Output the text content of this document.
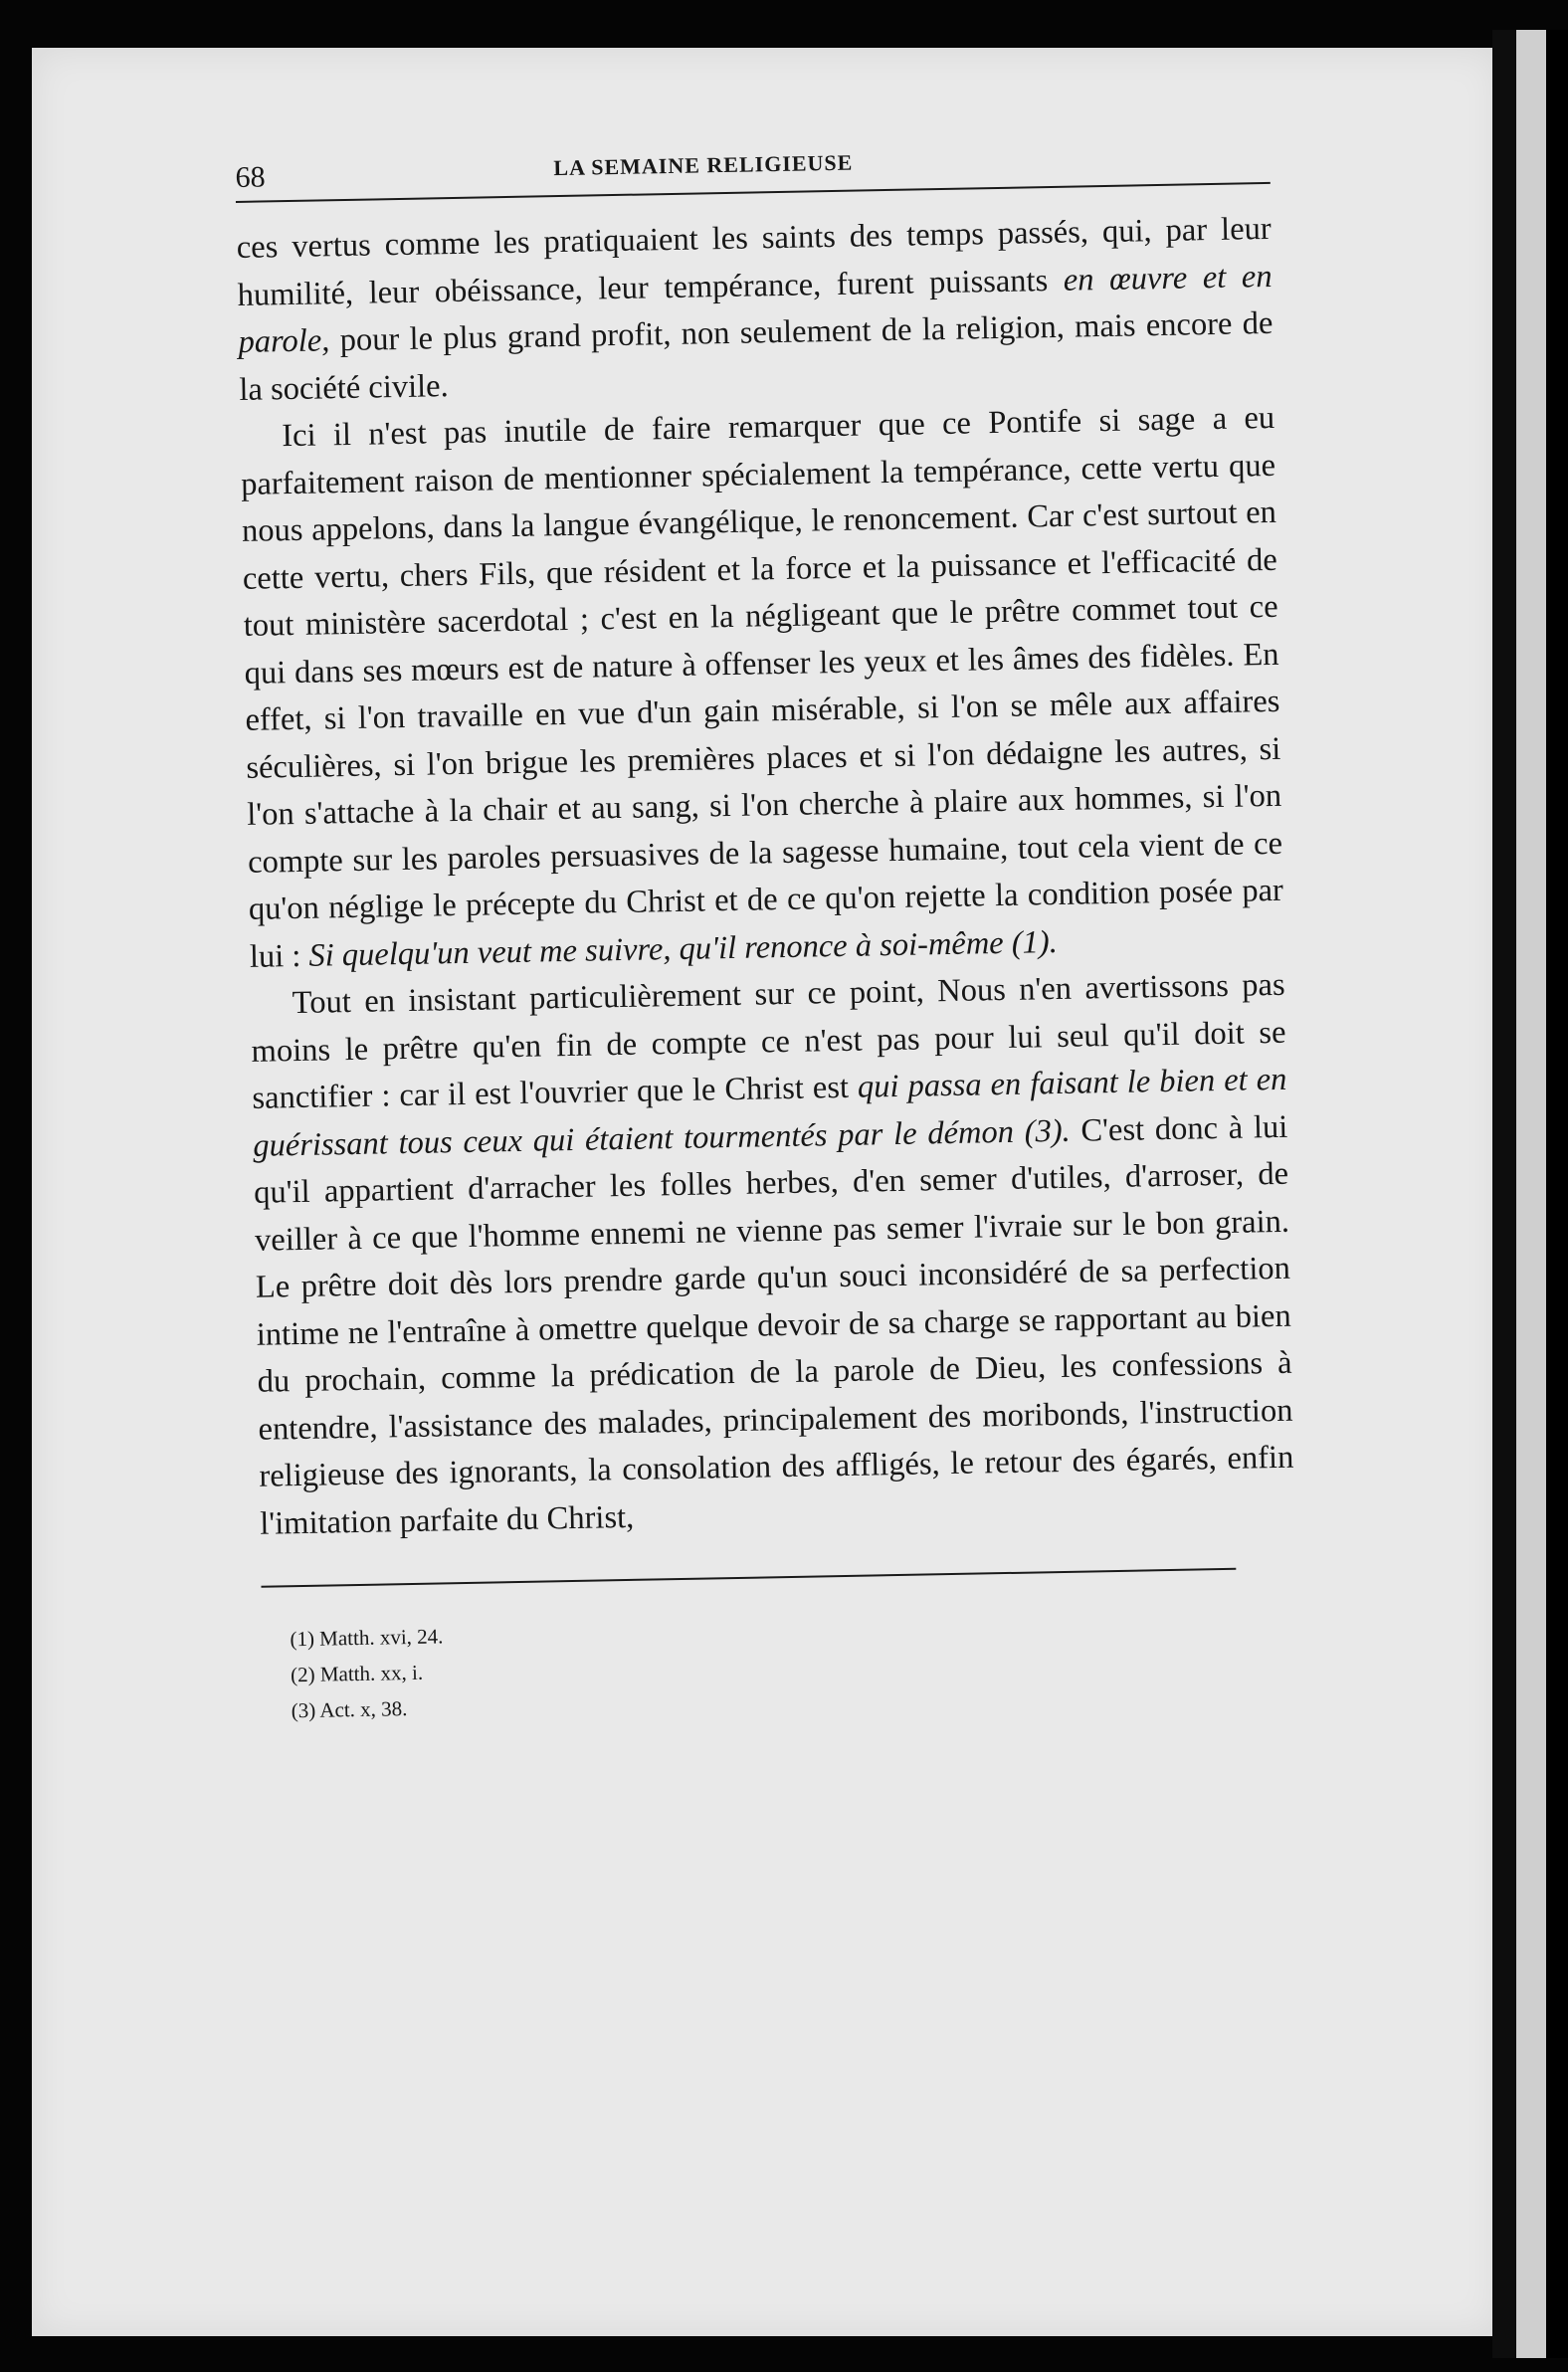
68	LA SEMAINE RELIGIEUSE

ces vertus comme les pratiquaient les saints des temps passés, qui, par leur humilité, leur obéissance, leur tempérance, furent puissants en œuvre et en parole, pour le plus grand profit, non seulement de la religion, mais encore de la société civile.

Ici il n'est pas inutile de faire remarquer que ce Pontife si sage a eu parfaitement raison de mentionner spécialement la tempérance, cette vertu que nous appelons, dans la langue évangélique, le renoncement. Car c'est surtout en cette vertu, chers Fils, que résident et la force et la puissance et l'efficacité de tout ministère sacerdotal ; c'est en la négligeant que le prêtre commet tout ce qui dans ses mœurs est de nature à offenser les yeux et les âmes des fidèles. En effet, si l'on travaille en vue d'un gain misérable, si l'on se mêle aux affaires séculières, si l'on brigue les premières places et si l'on dédaigne les autres, si l'on s'attache à la chair et au sang, si l'on cherche à plaire aux hommes, si l'on compte sur les paroles persuasives de la sagesse humaine, tout cela vient de ce qu'on néglige le précepte du Christ et de ce qu'on rejette la condition posée par lui : Si quelqu'un veut me suivre, qu'il renonce à soi-même (1).

Tout en insistant particulièrement sur ce point, Nous n'en avertissons pas moins le prêtre qu'en fin de compte ce n'est pas pour lui seul qu'il doit se sanctifier : car il est l'ouvrier que le Christ est qui passa en faisant le bien et en guérissant tous ceux qui étaient tourmentés par le démon (3). C'est donc à lui qu'il appartient d'arracher les folles herbes, d'en semer d'utiles, d'arroser, de veiller à ce que l'homme ennemi ne vienne pas semer l'ivraie sur le bon grain. Le prêtre doit dès lors prendre garde qu'un souci inconsidéré de sa perfection intime ne l'entraîne à omettre quelque devoir de sa charge se rapportant au bien du prochain, comme la prédication de la parole de Dieu, les confessions à entendre, l'assistance des malades, principalement des moribonds, l'instruction religieuse des ignorants, la consolation des affligés, le retour des égarés, enfin l'imitation parfaite du Christ,

(1) Matth. xvi, 24.
(2) Matth. xx, i.
(3) Act. x, 38.
